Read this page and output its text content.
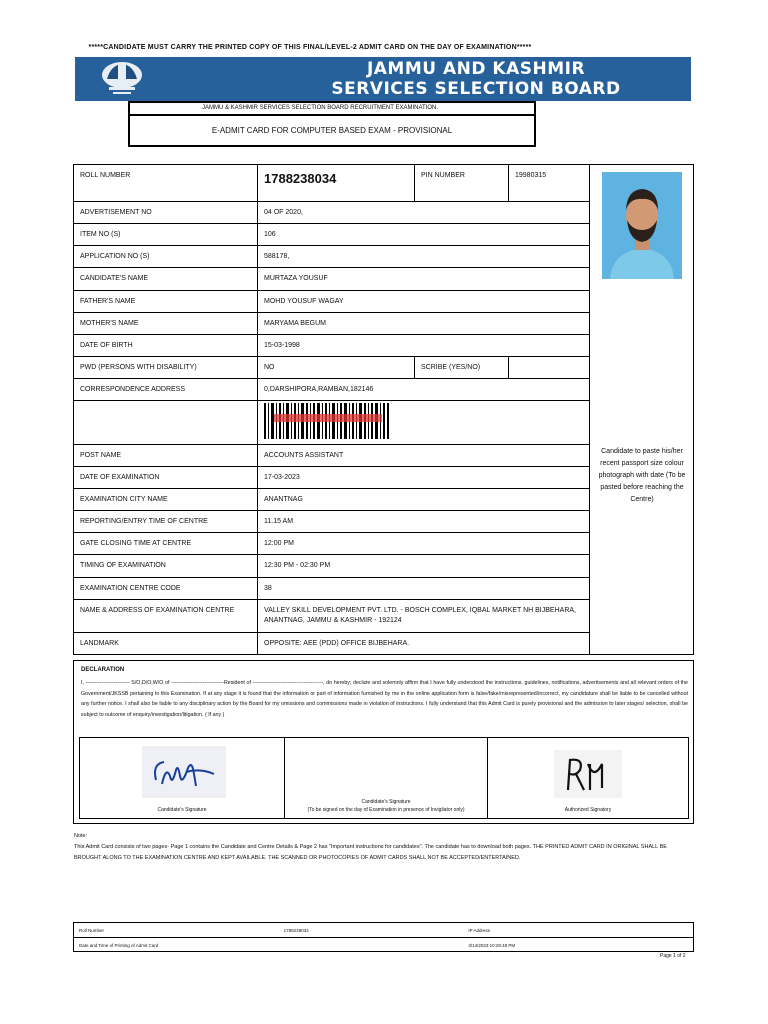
*****CANDIDATE MUST CARRY THE PRINTED COPY OF THIS FINAL/LEVEL-2 ADMIT CARD ON THE DAY OF EXAMINATION*****
JAMMU AND KASHMIR
SERVICES SELECTION BOARD
JAMMU & KASHMIR SERVICES SELECTION BOARD RECRUITMENT EXAMINATION.
E-ADMIT CARD FOR COMPUTER BASED EXAM - PROVISIONAL
ROLL NUMBER	1788238034	PIN NUMBER	19980315
ADVERTISEMENT NO	04 OF 2020,
ITEM NO (S)	106
APPLICATION NO (S)	588178,
CANDIDATE'S NAME	MURTAZA YOUSUF
FATHER'S NAME	MOHD YOUSUF WAGAY
MOTHER'S NAME	MARYAMA BEGUM
DATE OF BIRTH	15-03-1998
PWD (PERSONS WITH DISABILITY)	NO	SCRIBE (YES/NO)
CORRESPONDENCE ADDRESS	0,DARSHIPORA,RAMBAN,182146
POST NAME	ACCOUNTS ASSISTANT
DATE OF EXAMINATION	17-03-2023
EXAMINATION CITY NAME	ANANTNAG
REPORTING/ENTRY TIME OF CENTRE	11.15 AM
GATE CLOSING TIME AT CENTRE	12:00 PM
TIMING OF EXAMINATION	12:30 PM - 02:30 PM
EXAMINATION CENTRE CODE	38
NAME & ADDRESS OF EXAMINATION CENTRE	VALLEY SKILL DEVELOPMENT PVT. LTD. - BOSCH COMPLEX, IQBAL MARKET NH BIJBEHARA, ANANTNAG, JAMMU & KASHMIR - 192124
LANDMARK	OPPOSITE: AEE (PDD) OFFICE BIJBEHARA.
Candidate to paste his/her recent passport size colour photograph with date (To be pasted before reaching the Centre)
DECLARATION
I, ------------------------- S/O,D/O,W/O of ------------------------------Resident of ----------------------------------------, do hereby; declare and solemnly affirm that I have fully understood the instructions, guidelines, notifications, advertisements and all relevant orders of the Government/JKSSB pertaining to this Examination. If at any stage it is found that the information or part of information furnished by me in the online application form is false/fake/misrepresented/incorrect, my candidature shall be liable to be cancelled without any further notice. I shall also be liable to any disciplinary action by the Board for my omissions and commissions made in violation of instructions. I fully understand that this Admit Card is purely provisional and the admission to later stages/ selection, shall be subject to outcome of enquiry/investigation/litigation. ( If any )
Candidate's Signature
Candidate's Signature
(To be signed on the day of Examination in presence of Invigilator only)	Authorized Signatory
Note:
This Admit Card consists of two pages- Page 1 contains the Candidate and Centre Details & Page 2 has "Important instructions for candidates". The candidate has to download both pages. THE PRINTED ADMIT CARD IN ORIGINAL SHALL BE BROUGHT ALONG TO THE EXAMINATION CENTRE AND KEPT AVAILABLE. THE SCANNED OR PHOTOCOPIES OF ADMIT CARDS SHALL NOT BE ACCEPTED/ENTERTAINED.
Roll Number	1788238034	IP Address
Date and Time of Printing of Admit Card	3/14/2023 10:28:48 PM
Page 1 of 2
